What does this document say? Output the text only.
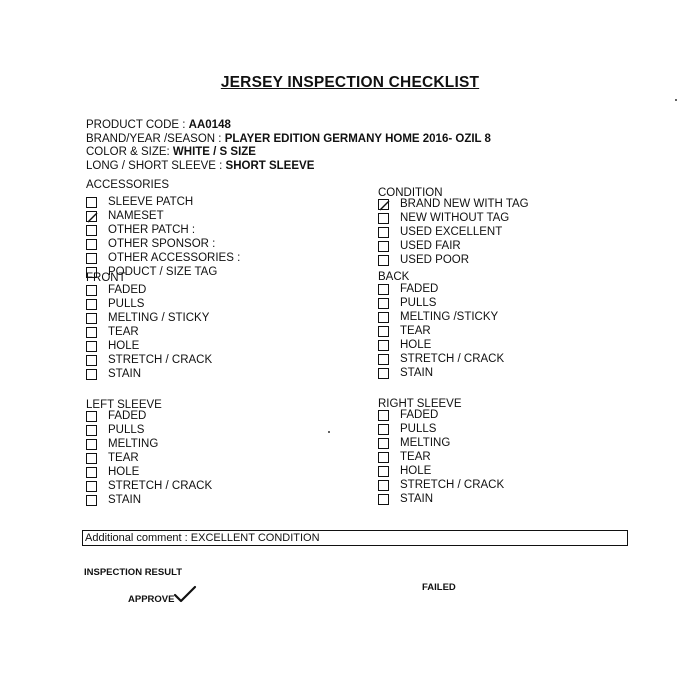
JERSEY INSPECTION CHECKLIST
PRODUCT CODE : AA0148
BRAND/YEAR /SEASON : PLAYER EDITION GERMANY HOME 2016- OZIL 8
COLOR & SIZE: WHITE / S SIZE
LONG / SHORT SLEEVE : SHORT SLEEVE
ACCESSORIES
SLEEVE PATCH
NAMESET
OTHER PATCH :
OTHER SPONSOR :
OTHER ACCESSORIES :
PODUCT / SIZE TAG
CONDITION
BRAND NEW WITH TAG
NEW WITHOUT TAG
USED EXCELLENT
USED FAIR
USED POOR
FRONT
FADED
PULLS
MELTING / STICKY
TEAR
HOLE
STRETCH / CRACK
STAIN
BACK
FADED
PULLS
MELTING /STICKY
TEAR
HOLE
STRETCH / CRACK
STAIN
LEFT SLEEVE
FADED
PULLS
MELTING
TEAR
HOLE
STRETCH / CRACK
STAIN
RIGHT SLEEVE
FADED
PULLS
MELTING
TEAR
HOLE
STRETCH / CRACK
STAIN
Additional comment : EXCELLENT CONDITION
INSPECTION RESULT
FAILED
APPROVE
